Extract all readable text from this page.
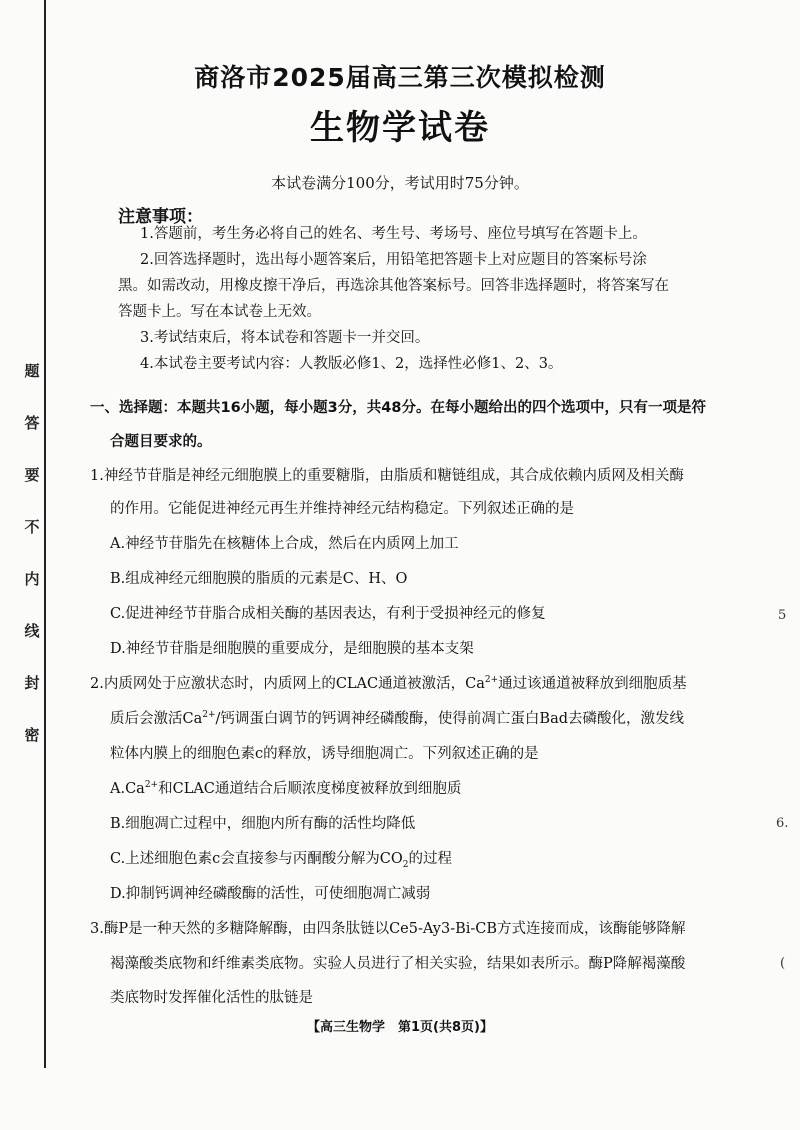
题
答
要
不
内
线
封
密
商洛市2025届高三第三次模拟检测
生物学试卷
本试卷满分100分，考试用时75分钟。
注意事项：
1.答题前，考生务必将自己的姓名、考生号、考场号、座位号填写在答题卡上。
2.回答选择题时，选出每小题答案后，用铅笔把答题卡上对应题目的答案标号涂
黑。如需改动，用橡皮擦干净后，再选涂其他答案标号。回答非选择题时，将答案写在
答题卡上。写在本试卷上无效。
3.考试结束后，将本试卷和答题卡一并交回。
4.本试卷主要考试内容：人教版必修1、2，选择性必修1、2、3。
一、选择题：本题共16小题，每小题3分，共48分。在每小题给出的四个选项中，只有一项是符
合题目要求的。
1.神经节苷脂是神经元细胞膜上的重要糖脂，由脂质和糖链组成，其合成依赖内质网及相关酶
的作用。它能促进神经元再生并维持神经元结构稳定。下列叙述正确的是
A.神经节苷脂先在核糖体上合成，然后在内质网上加工
B.组成神经元细胞膜的脂质的元素是C、H、O
C.促进神经节苷脂合成相关酶的基因表达，有利于受损神经元的修复
D.神经节苷脂是细胞膜的重要成分，是细胞膜的基本支架
2.内质网处于应激状态时，内质网上的CLAC通道被激活，$Ca^{2+}$通过该通道被释放到细胞质基
质后会激活$Ca^{2+}/$钙调蛋白调节的钙调神经磷酸酶，使得前凋亡蛋白Bad去磷酸化，激发线
粒体内膜上的细胞色素c的释放，诱导细胞凋亡。下列叙述正确的是
$A.Ca^{2+}$和CLAC通道结合后顺浓度梯度被释放到细胞质
B.细胞凋亡过程中，细胞内所有酶的活性均降低
C.上述细胞色素c会直接参与丙酮酸分解为$CO_2$的过程
D.抑制钙调神经磷酸酶的活性，可使细胞凋亡减弱
3.酶P是一种天然的多糖降解酶，由四条肽链以Ce5-Ay3-Bi-CB方式连接而成，该酶能够降解
褐藻酸类底物和纤维素类底物。实验人员进行了相关实验，结果如表所示。酶P降解褐藻酸
类底物时发挥催化活性的肽链是
【高三生物学　第1页(共8页)】
5
6.
(
